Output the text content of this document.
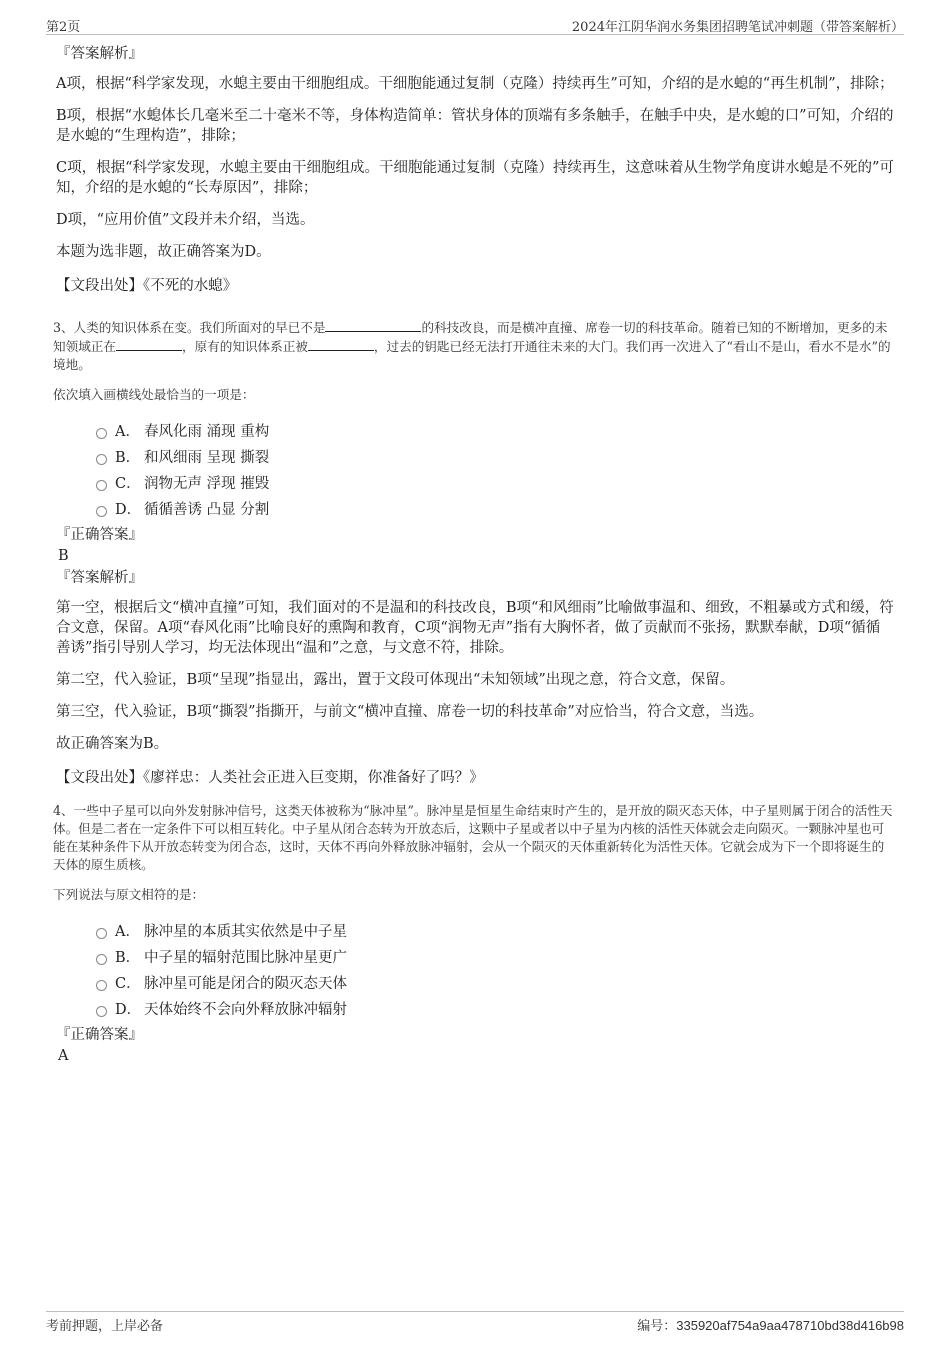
第2页	2024年江阴华润水务集团招聘笔试冲刺题（带答案解析）
『答案解析』
A项，根据“科学家发现，水螅主要由干细胞组成。干细胞能通过复制（克隆）持续再生”可知，介绍的是水螅的“再生机制”，排除；
B项，根据“水螅体长几毫米至二十毫米不等，身体构造简单：管状身体的顶端有多条触手，在触手中央，是水螅的口”可知，介绍的是水螅的“生理构造”，排除；
C项，根据“科学家发现，水螅主要由干细胞组成。干细胞能通过复制（克隆）持续再生，这意味着从生物学角度讲水螅是不死的”可知，介绍的是水螅的“长寿原因”，排除；
D项，“应用价值”文段并未介绍，当选。
本题为选非题，故正确答案为D。
【文段出处】《不死的水螅》
3、人类的知识体系在变。我们所面对的早已不是	的科技改良，而是横冲直撞、席卷一切的科技革命。随着已知的不断增加，更多的未知领域正在	，原有的知识体系正被	，过去的钥匙已经无法打开通往未来的大门。我们再一次进入了“看山不是山，看水不是水”的境地。
依次填入画横线处最恰当的一项是：
A． 春风化雨 涌现 重构
B． 和风细雨 呈现 撕裂
C． 润物无声 浮现 摧毁
D． 循循善诱 凸显 分割
『正确答案』
B
『答案解析』
第一空，根据后文“横冲直撞”可知，我们面对的不是温和的科技改良，B项“和风细雨”比喻做事温和、细致，不粗暴或方式和缓，符合文意，保留。A项“春风化雨”比喻良好的熏陶和教育，C项“润物无声”指有大胸怀者，做了贡献而不张扬，默默奉献，D项“循循善诱”指引导别人学习，均无法体现出“温和”之意，与文意不符，排除。
第二空，代入验证，B项“呈现”指显出，露出，置于文段可体现出“未知领域”出现之意，符合文意，保留。
第三空，代入验证，B项“撕裂”指撕开，与前文“横冲直撞、席卷一切的科技革命”对应恰当，符合文意，当选。
故正确答案为B。
【文段出处】《廖祥忠：人类社会正进入巨变期，你准备好了吗？》
4、一些中子星可以向外发射脉冲信号，这类天体被称为“脉冲星”。脉冲星是恒星生命结束时产生的，是开放的陨灭态天体，中子星则属于闭合的活性天体。但是二者在一定条件下可以相互转化。中子星从闭合态转为开放态后，这颗中子星或者以中子星为内核的活性天体就会走向陨灭。一颗脉冲星也可能在某种条件下从开放态转变为闭合态，这时，天体不再向外释放脉冲辐射，会从一个陨灭的天体重新转化为活性天体。它就会成为下一个即将诞生的天体的原生质核。
下列说法与原文相符的是：
A． 脉冲星的本质其实依然是中子星
B． 中子星的辐射范围比脉冲星更广
C． 脉冲星可能是闭合的陨灭态天体
D． 天体始终不会向外释放脉冲辐射
『正确答案』
A
考前押题，上岸必备	编号：335920af754a9aa478710bd38d416b98
